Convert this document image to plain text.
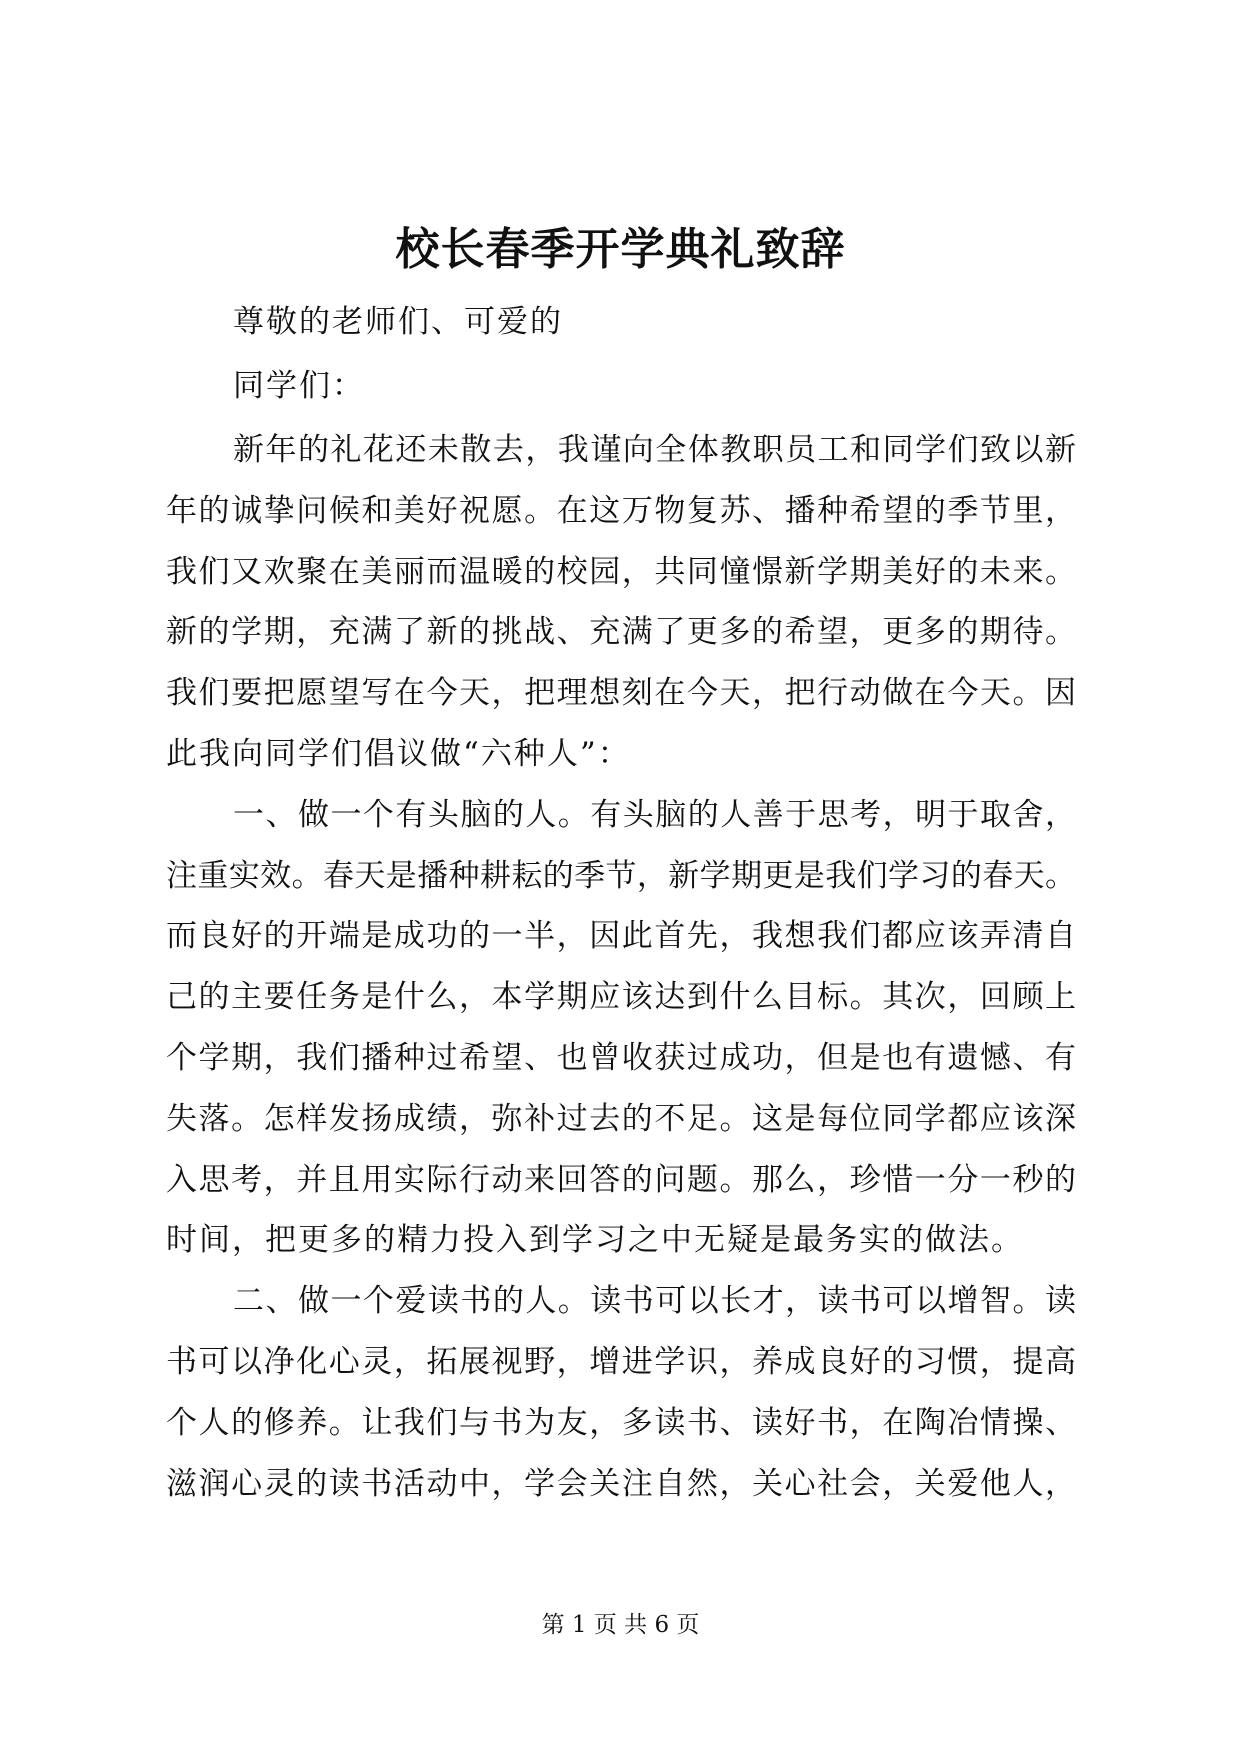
校长春季开学典礼致辞
尊敬的老师们、可爱的
同学们：
新年的礼花还未散去，我谨向全体教职员工和同学们致以新
年的诚挚问候和美好祝愿。在这万物复苏、播种希望的季节里，
我们又欢聚在美丽而温暖的校园，共同憧憬新学期美好的未来。
新的学期，充满了新的挑战、充满了更多的希望，更多的期待。
我们要把愿望写在今天，把理想刻在今天，把行动做在今天。因
此我向同学们倡议做“六种人”：
一、做一个有头脑的人。有头脑的人善于思考，明于取舍，
注重实效。春天是播种耕耘的季节，新学期更是我们学习的春天。
而良好的开端是成功的一半，因此首先，我想我们都应该弄清自
己的主要任务是什么，本学期应该达到什么目标。其次，回顾上
个学期，我们播种过希望、也曾收获过成功，但是也有遗憾、有
失落。怎样发扬成绩，弥补过去的不足。这是每位同学都应该深
入思考，并且用实际行动来回答的问题。那么，珍惜一分一秒的
时间，把更多的精力投入到学习之中无疑是最务实的做法。
二、做一个爱读书的人。读书可以长才，读书可以增智。读
书可以净化心灵，拓展视野，增进学识，养成良好的习惯，提高
个人的修养。让我们与书为友，多读书、读好书，在陶冶情操、
滋润心灵的读书活动中，学会关注自然，关心社会，关爱他人，
第 1 页 共 6 页
